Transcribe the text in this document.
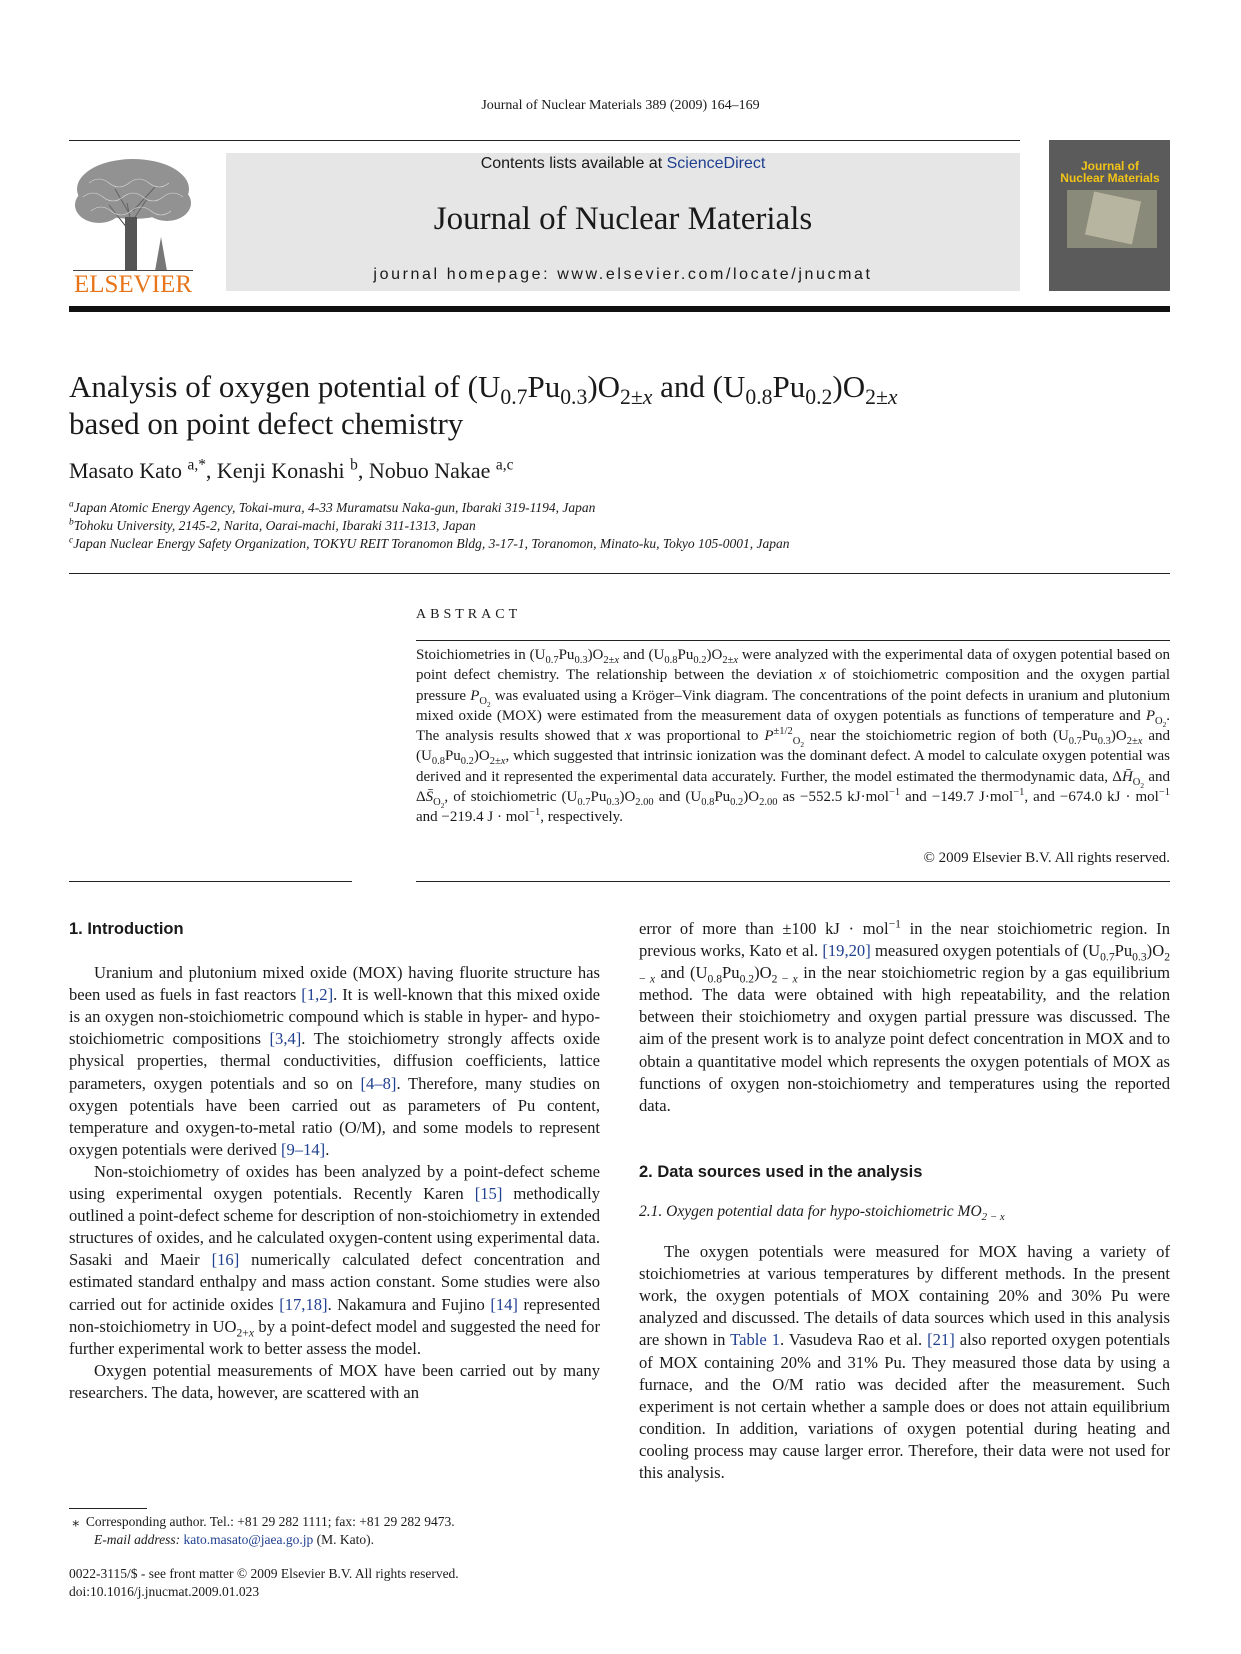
Journal of Nuclear Materials 389 (2009) 164–169
ELSEVIER
Contents lists available at ScienceDirect
Journal of Nuclear Materials
journal homepage: www.elsevier.com/locate/jnucmat
Journal of
Nuclear Materials
Analysis of oxygen potential of $(U_{0.7}Pu_{0.3})O_{2\pm x}$ and $(U_{0.8}Pu_{0.2})O_{2\pm x}$
based on point defect chemistry
Masato Kato $^{a,*}$, Kenji Konashi $^b$, Nobuo Nakae $^{a,c}$
$^a$Japan Atomic Energy Agency, Tokai-mura, 4-33 Muramatsu Naka-gun, Ibaraki 319-1194, Japan
$^b$Tohoku University, 2145-2, Narita, Oarai-machi, Ibaraki 311-1313, Japan
$^c$Japan Nuclear Energy Safety Organization, TOKYU REIT Toranomon Bldg, 3-17-1, Toranomon, Minato-ku, Tokyo 105-0001, Japan
ABSTRACT
Stoichiometries in $(U_{0.7}Pu_{0.3})O_{2\pm x}$ and $(U_{0.8}Pu_{0.2})O_{2\pm x}$ were analyzed with the experimental data of oxygen potential based on point defect chemistry. The relationship between the deviation x of stoichiometric composition and the oxygen partial pressure $P_{O_2}$ was evaluated using a Kröger–Vink diagram. The concentrations of the point defects in uranium and plutonium mixed oxide (MOX) were estimated from the measurement data of oxygen potentials as functions of temperature and $P_{O_2}$. The analysis results showed that x was proportional to $P^{\pm 1/2}_{O_2}$ near the stoichiometric region of both $(U_{0.7}Pu_{0.3})O_{2\pm x}$ and $(U_{0.8}Pu_{0.2})O_{2\pm x}$, which suggested that intrinsic ionization was the dominant defect. A model to calculate oxygen potential was derived and it represented the experimental data accurately. Further, the model estimated the thermodynamic data, $\Delta H̄_{O_2}$ and $\Delta S̄_{O_2}$, of stoichiometric $(U_{0.7}Pu_{0.3})O_{2.00}$ and $(U_{0.8}Pu_{0.2})O_{2.00}$ as −552.5 kJ·mol$^{-1}$ and −149.7 J·mol$^{-1}$, and −674.0 kJ · mol$^{-1}$ and −219.4 J · mol$^{-1}$, respectively.
© 2009 Elsevier B.V. All rights reserved.

1. Introduction

Uranium and plutonium mixed oxide (MOX) having fluorite structure has been used as fuels in fast reactors [1,2]. It is well-known that this mixed oxide is an oxygen non-stoichiometric compound which is stable in hyper- and hypo-stoichiometric compositions [3,4]. The stoichiometry strongly affects oxide physical properties, thermal conductivities, diffusion coefficients, lattice parameters, oxygen potentials and so on [4–8]. Therefore, many studies on oxygen potentials have been carried out as parameters of Pu content, temperature and oxygen-to-metal ratio (O/M), and some models to represent oxygen potentials were derived [9–14].

Non-stoichiometry of oxides has been analyzed by a point-defect scheme using experimental oxygen potentials. Recently Karen [15] methodically outlined a point-defect scheme for description of non-stoichiometry in extended structures of oxides, and he calculated oxygen-content using experimental data. Sasaki and Maeir [16] numerically calculated defect concentration and estimated standard enthalpy and mass action constant. Some studies were also carried out for actinide oxides [17,18]. Nakamura and Fujino [14] represented non-stoichiometry in $UO_{2+x}$ by a point-defect model and suggested the need for further experimental work to better assess the model.

Oxygen potential measurements of MOX have been carried out by many researchers. The data, however, are scattered with an

error of more than ±100 kJ · mol$^{-1}$ in the near stoichiometric region. In previous works, Kato et al. [19,20] measured oxygen potentials of $(U_{0.7}Pu_{0.3})O_{2 - x}$ and $(U_{0.8}Pu_{0.2})O_{2 - x}$ in the near stoichiometric region by a gas equilibrium method. The data were obtained with high repeatability, and the relation between their stoichiometry and oxygen partial pressure was discussed. The aim of the present work is to analyze point defect concentration in MOX and to obtain a quantitative model which represents the oxygen potentials of MOX as functions of oxygen non-stoichiometry and temperatures using the reported data.

2. Data sources used in the analysis

2.1. Oxygen potential data for hypo-stoichiometric $MO_{2 - x}$

The oxygen potentials were measured for MOX having a variety of stoichiometries at various temperatures by different methods. In the present work, the oxygen potentials of MOX containing 20% and 30% Pu were analyzed and discussed. The details of data sources which used in this analysis are shown in Table 1. Vasudeva Rao et al. [21] also reported oxygen potentials of MOX containing 20% and 31% Pu. They measured those data by using a furnace, and the O/M ratio was decided after the measurement. Such experiment is not certain whether a sample does or does not attain equilibrium condition. In addition, variations of oxygen potential during heating and cooling process may cause larger error. Therefore, their data were not used for this analysis.

⁎  Corresponding author. Tel.: +81 29 282 1111; fax: +81 29 282 9473.
E-mail address: kato.masato@jaea.go.jp (M. Kato).
0022-3115/$ - see front matter © 2009 Elsevier B.V. All rights reserved.
doi:10.1016/j.jnucmat.2009.01.023
